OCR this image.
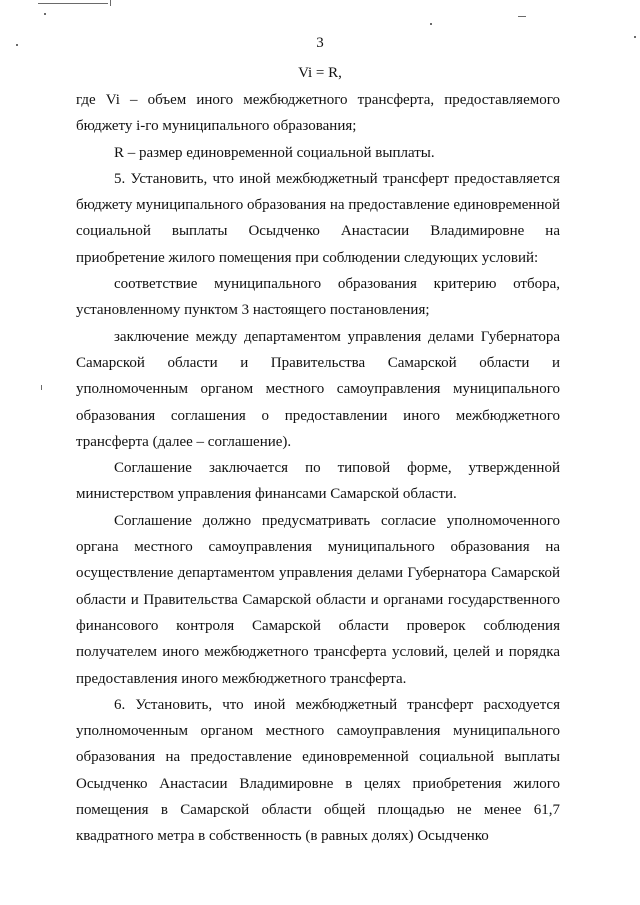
3
Vi = R,

где Vi – объем иного межбюджетного трансферта, предоставляемого бюджету i-го муниципального образования;

R – размер единовременной социальной выплаты.

5. Установить, что иной межбюджетный трансферт предоставляется бюджету муниципального образования на предоставление единовременной социальной выплаты Осыдченко Анастасии Владимировне на приобретение жилого помещения при соблюдении следующих условий:

соответствие муниципального образования критерию отбора, установленному пунктом 3 настоящего постановления;

заключение между департаментом управления делами Губернатора Самарской области и Правительства Самарской области и уполномоченным органом местного самоуправления муниципального образования соглашения о предоставлении иного межбюджетного трансферта (далее – соглашение).

Соглашение заключается по типовой форме, утвержденной министерством управления финансами Самарской области.

Соглашение должно предусматривать согласие уполномоченного органа местного самоуправления муниципального образования на осуществление департаментом управления делами Губернатора Самарской области и Правительства Самарской области и органами государственного финансового контроля Самарской области проверок соблюдения получателем иного межбюджетного трансферта условий, целей и порядка предоставления иного межбюджетного трансферта.

6. Установить, что иной межбюджетный трансферт расходуется уполномоченным органом местного самоуправления муниципального образования на предоставление единовременной социальной выплаты Осыдченко Анастасии Владимировне в целях приобретения жилого помещения в Самарской области общей площадью не менее 61,7 квадратного метра в собственность (в равных долях) Осыдченко
